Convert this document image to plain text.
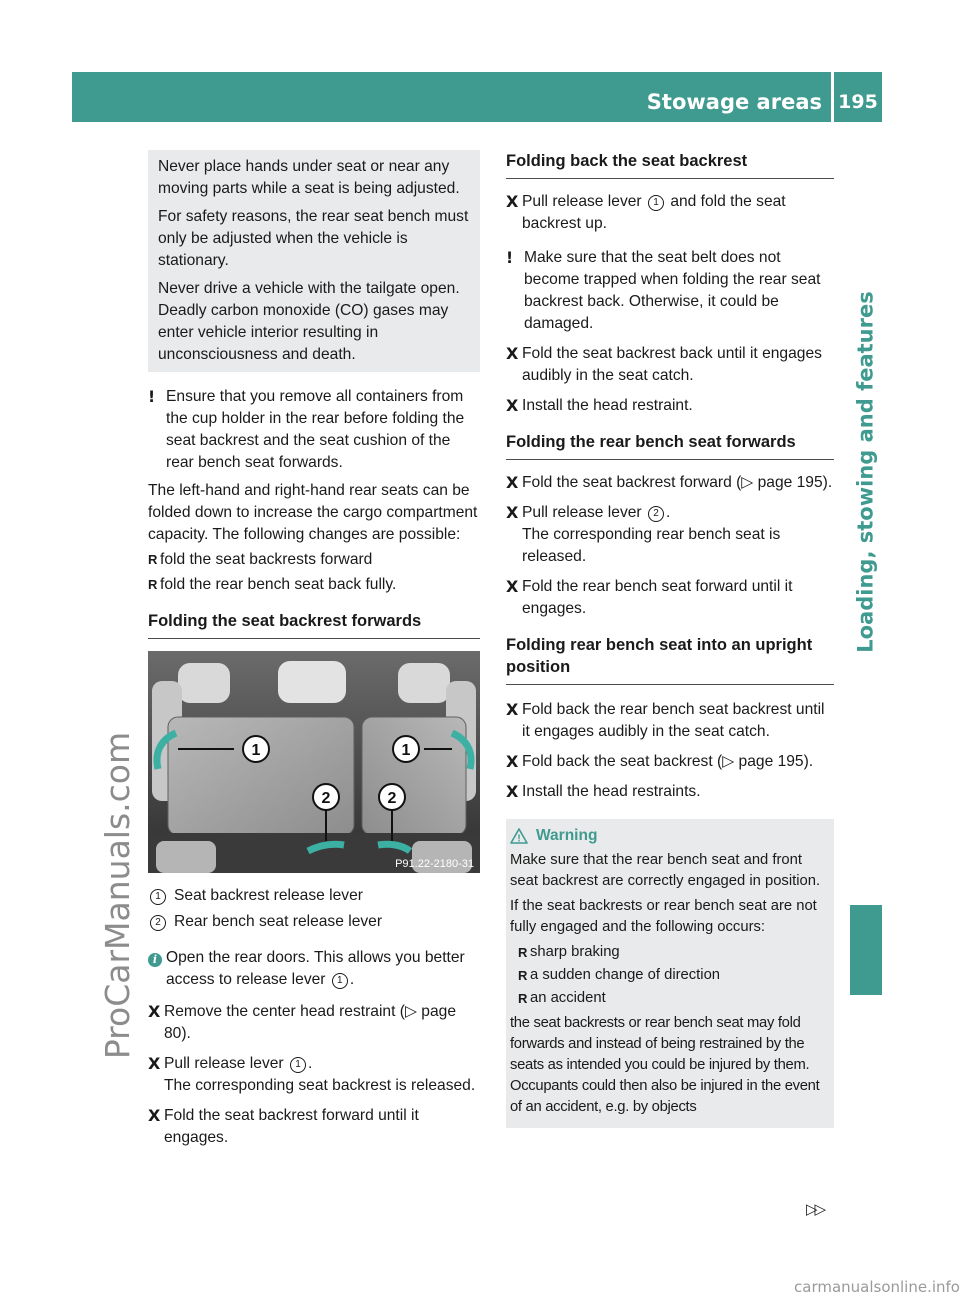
Stowage areas 195
Loading, stowing and features
ProCarManuals.com

Never place hands under seat or near any moving parts while a seat is being adjusted.

For safety reasons, the rear seat bench must only be adjusted when the vehicle is stationary.

Never drive a vehicle with the tailgate open. Deadly carbon monoxide (CO) gases may enter vehicle interior resulting in unconsciousness and death.

! Ensure that you remove all containers from the cup holder in the rear before folding the seat backrest and the seat cushion of the rear bench seat forwards.

The left-hand and right-hand rear seats can be folded down to increase the cargo compartment capacity. The following changes are possible:

R fold the seat backrests forward
R fold the rear bench seat back fully.
Folding the seat backrest forwards
1	1
2	2
P91.22-2180-31
1 Seat backrest release lever
2 Rear bench seat release lever
i Open the rear doors. This allows you better access to release lever 1 .
X Remove the center head restraint (▷ page 80).
X Pull release lever 1 .
The corresponding seat backrest is released.
X Fold the seat backrest forward until it engages.
Folding back the seat backrest
X Pull release lever 1 and fold the seat backrest up.
! Make sure that the seat belt does not become trapped when folding the rear seat backrest back. Otherwise, it could be damaged.
X Fold the seat backrest back until it engages audibly in the seat catch.
X Install the head restraint.
Folding the rear bench seat forwards
X Fold the seat backrest forward (▷ page 195).
X Pull release lever 2 .
The corresponding rear bench seat is released.
X Fold the rear bench seat forward until it engages.
Folding rear bench seat into an upright position
X Fold back the rear bench seat backrest until it engages audibly in the seat catch.
X Fold back the seat backrest (▷ page 195).
X Install the head restraints.
! Warning

Make sure that the rear bench seat and front seat backrest are correctly engaged in position.

If the seat backrests or rear bench seat are not fully engaged and the following occurs:

R sharp braking
R a sudden change of direction
R an accident

the seat backrests or rear bench seat may fold forwards and instead of being restrained by the seats as intended you could be injured by them. Occupants could then also be injured in the event of an accident, e.g. by objects

▷▷
carmanualsonline.info
